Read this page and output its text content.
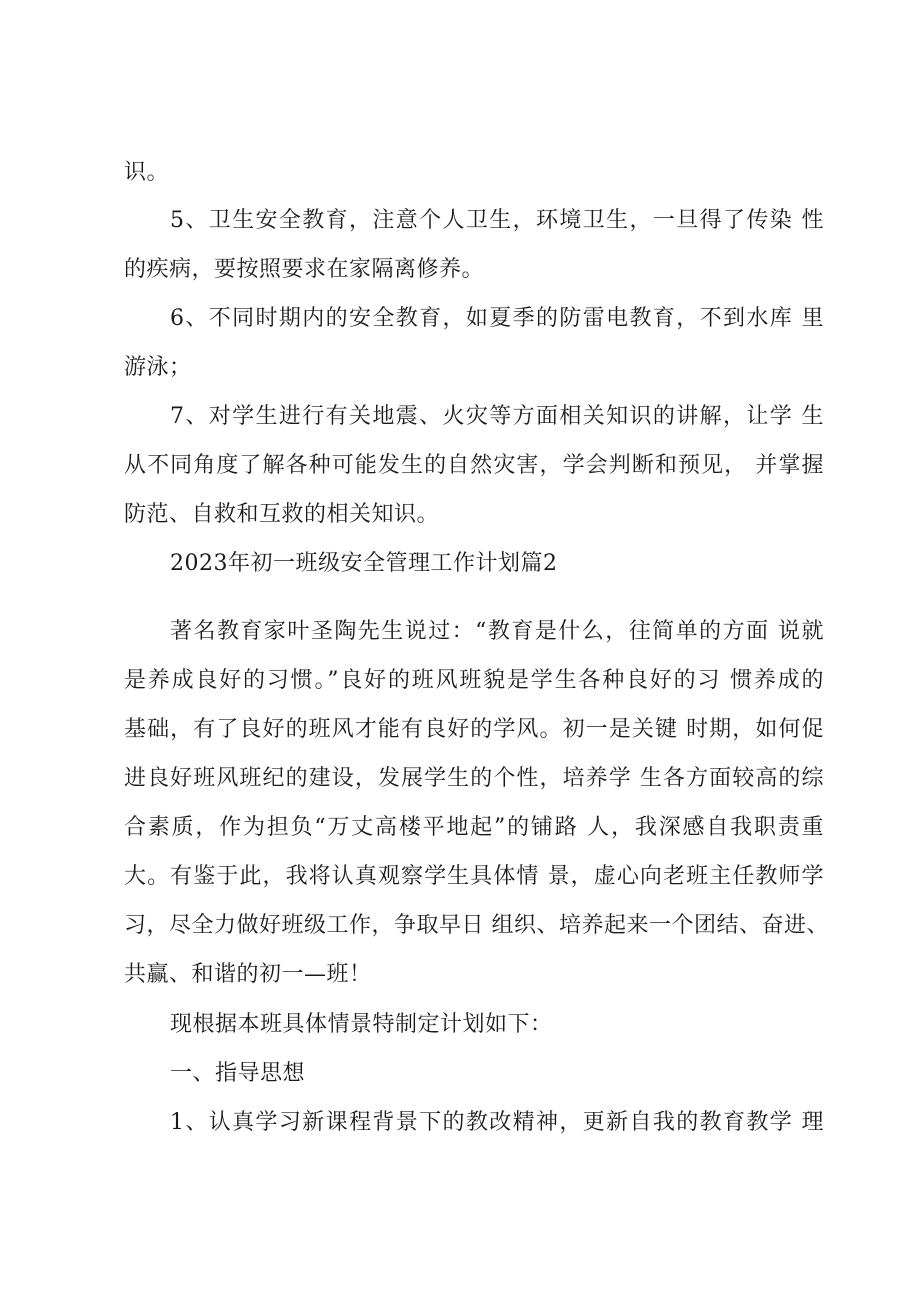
识。
5、卫生安全教育，注意个人卫生，环境卫生，一旦得了传染 性
的疾病，要按照要求在家隔离修养。
6、不同时期内的安全教育，如夏季的防雷电教育，不到水库 里
游泳；
7、对学生进行有关地震、火灾等方面相关知识的讲解，让学 生
从不同角度了解各种可能发生的自然灾害，学会判断和预见， 并掌握
防范、自救和互救的相关知识。
2023年初一班级安全管理工作计划篇2
著名教育家叶圣陶先生说过：“教育是什么，往简单的方面 说就
是养成良好的习惯。”良好的班风班貌是学生各种良好的习 惯养成的
基础，有了良好的班风才能有良好的学风。初一是关键 时期，如何促
进良好班风班纪的建设，发展学生的个性，培养学 生各方面较高的综
合素质，作为担负“万丈高楼平地起”的铺路 人，我深感自我职责重
大。有鉴于此，我将认真观察学生具体情 景，虚心向老班主任教师学
习，尽全力做好班级工作，争取早日 组织、培养起来一个团结、奋进、
共赢、和谐的初一—班！
现根据本班具体情景特制定计划如下：
一、指导思想
1、认真学习新课程背景下的教改精神，更新自我的教育教学 理
